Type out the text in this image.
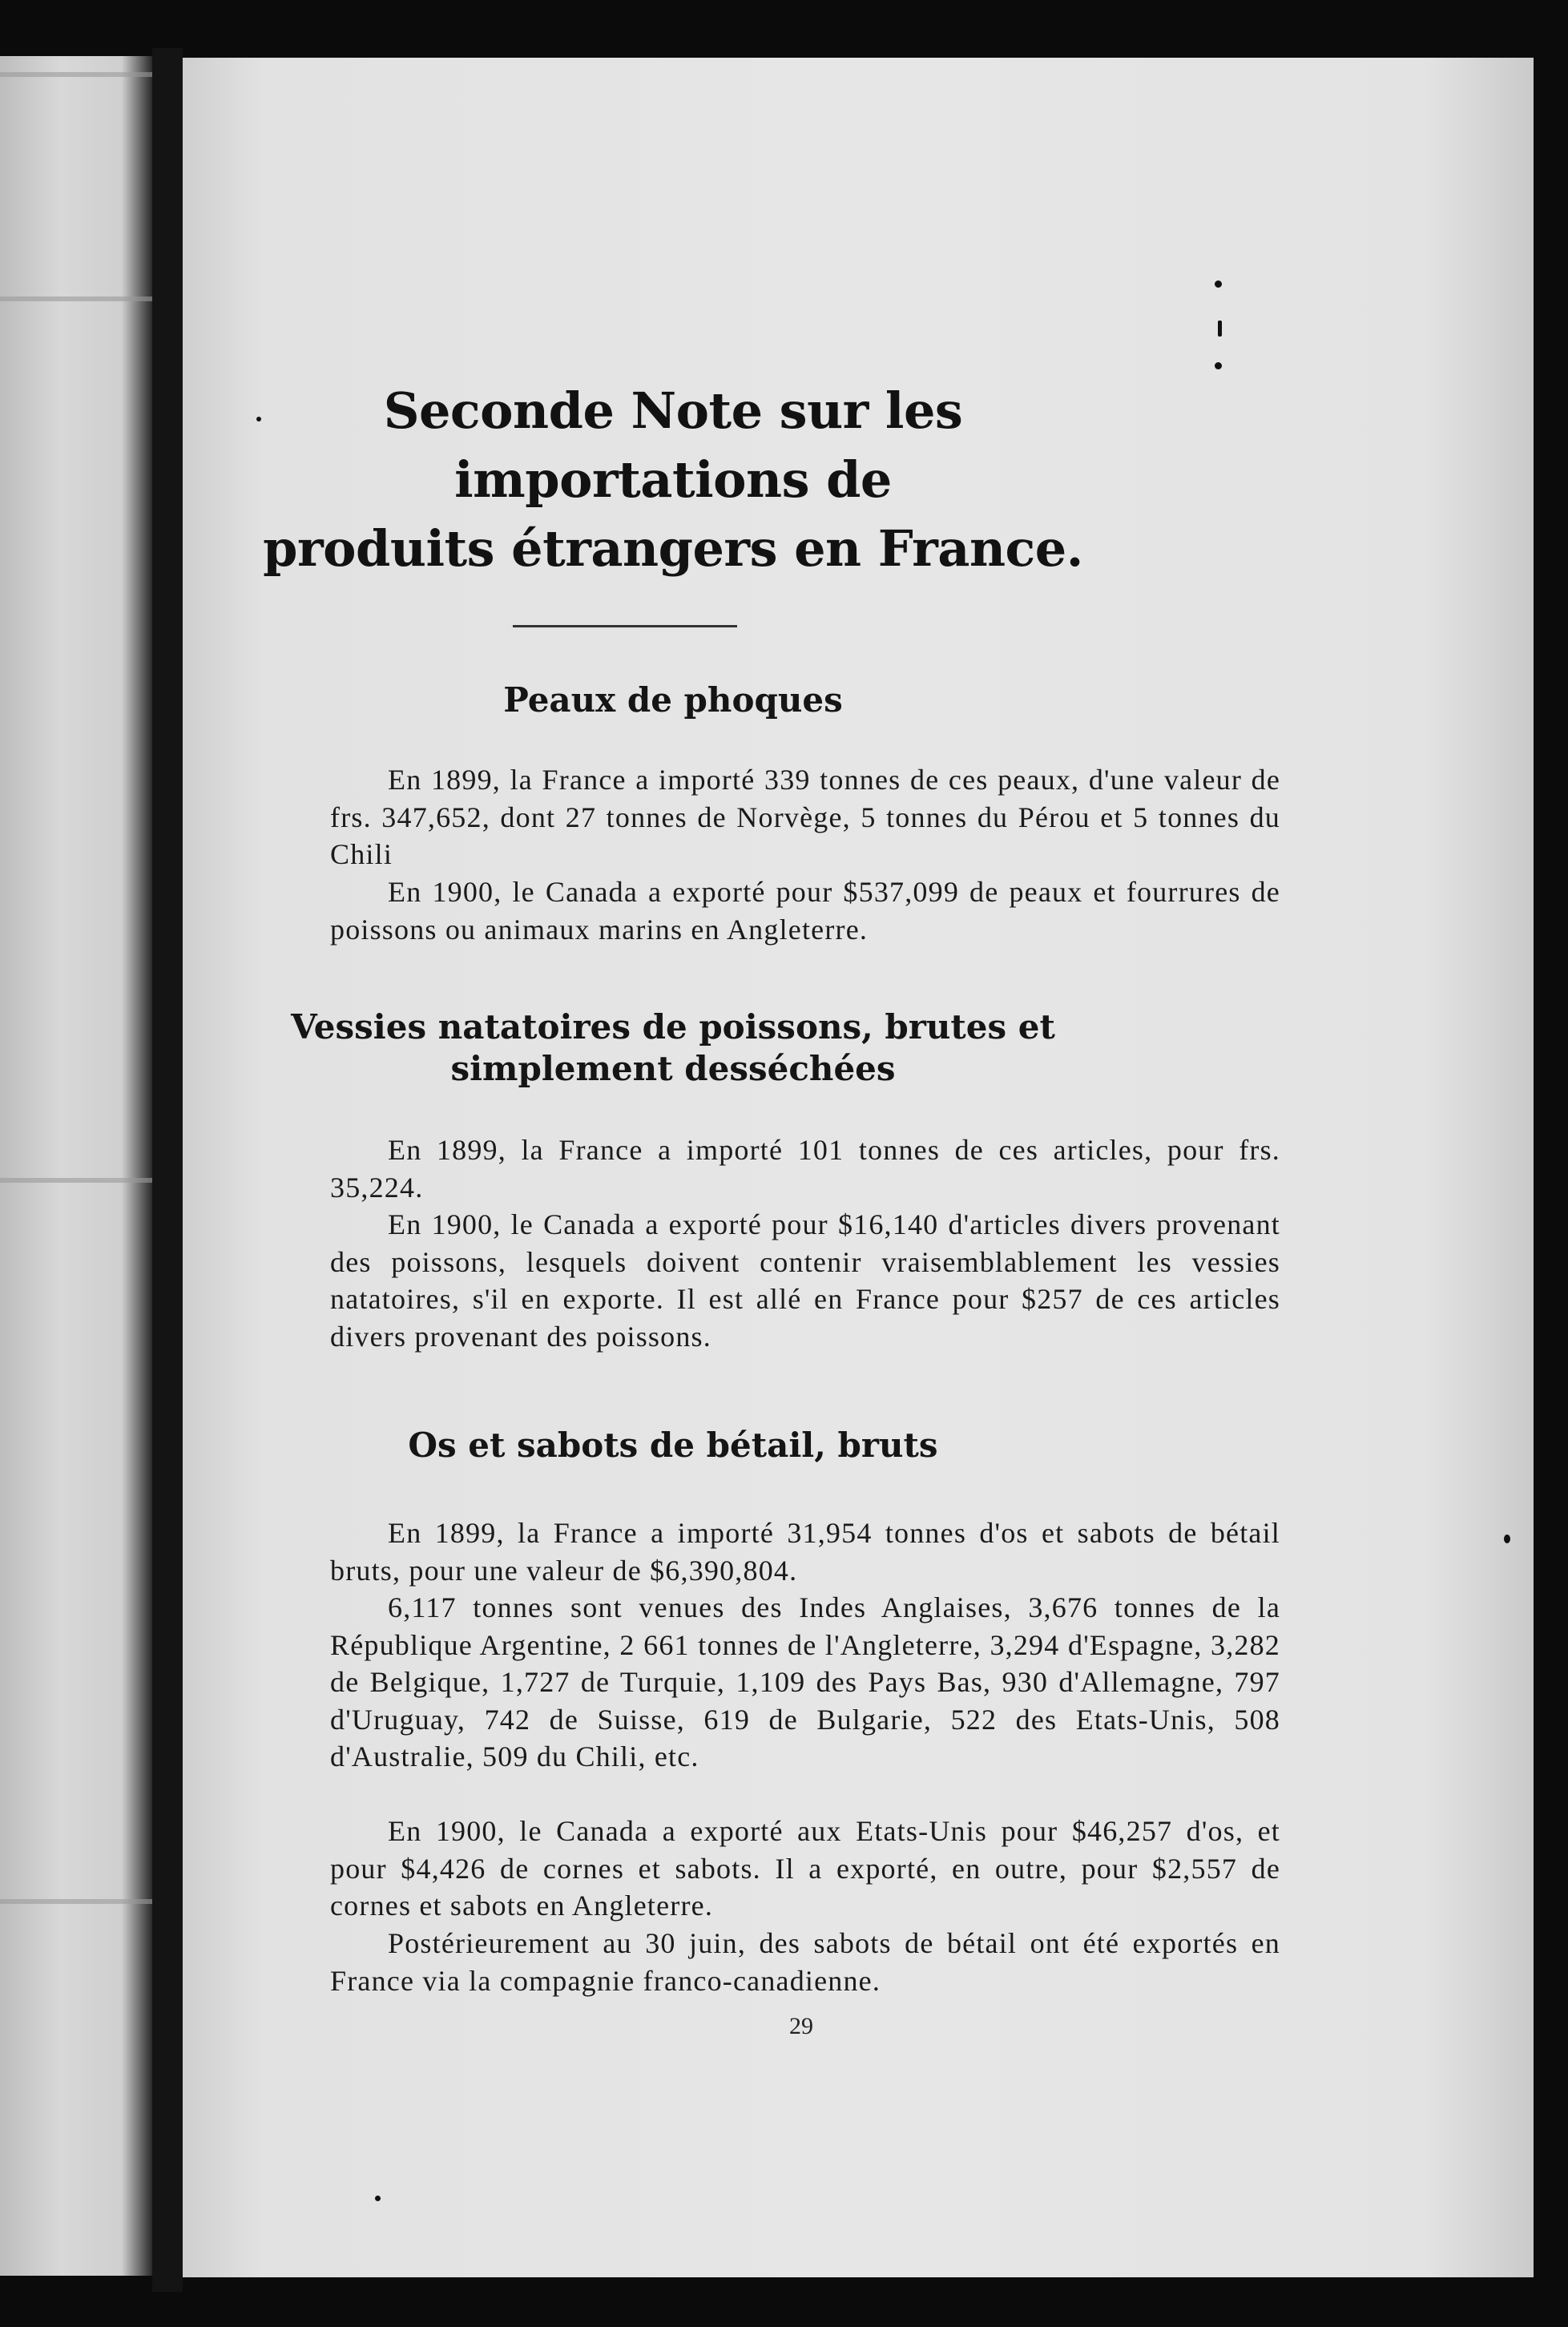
Seconde Note sur les importations de
produits étrangers en France.
Peaux de phoques

En 1899, la France a importé 339 tonnes de ces peaux, d'une valeur de frs. 347,652, dont 27 tonnes de Norvège, 5 tonnes du Pérou et 5 tonnes du Chili

En 1900, le Canada a exporté pour $537,099 de peaux et fourrures de poissons ou animaux marins en Angleterre.

Vessies natatoires de poissons, brutes et
simplement desséchées

En 1899, la France a importé 101 tonnes de ces articles, pour frs. 35,224.

En 1900, le Canada a exporté pour $16,140 d'articles divers provenant des poissons, lesquels doivent contenir vraisemblablement les vessies natatoires, s'il en exporte. Il est allé en France pour $257 de ces articles divers provenant des poissons.

Os et sabots de bétail, bruts

En 1899, la France a importé 31,954 tonnes d'os et sabots de bétail bruts, pour une valeur de $6,390,804.

6,117 tonnes sont venues des Indes Anglaises, 3,676 tonnes de la République Argentine, 2 661 tonnes de l'Angleterre, 3,294 d'Espagne, 3,282 de Belgique, 1,727 de Turquie, 1,109 des Pays Bas, 930 d'Allemagne, 797 d'Uruguay, 742 de Suisse, 619 de Bulgarie, 522 des Etats-Unis, 508 d'Australie, 509 du Chili, etc.

En 1900, le Canada a exporté aux Etats-Unis pour $46,257 d'os, et pour $4,426 de cornes et sabots. Il a exporté, en outre, pour $2,557 de cornes et sabots en Angleterre.

Postérieurement au 30 juin, des sabots de bétail ont été exportés en France via la compagnie franco-canadienne.

29
